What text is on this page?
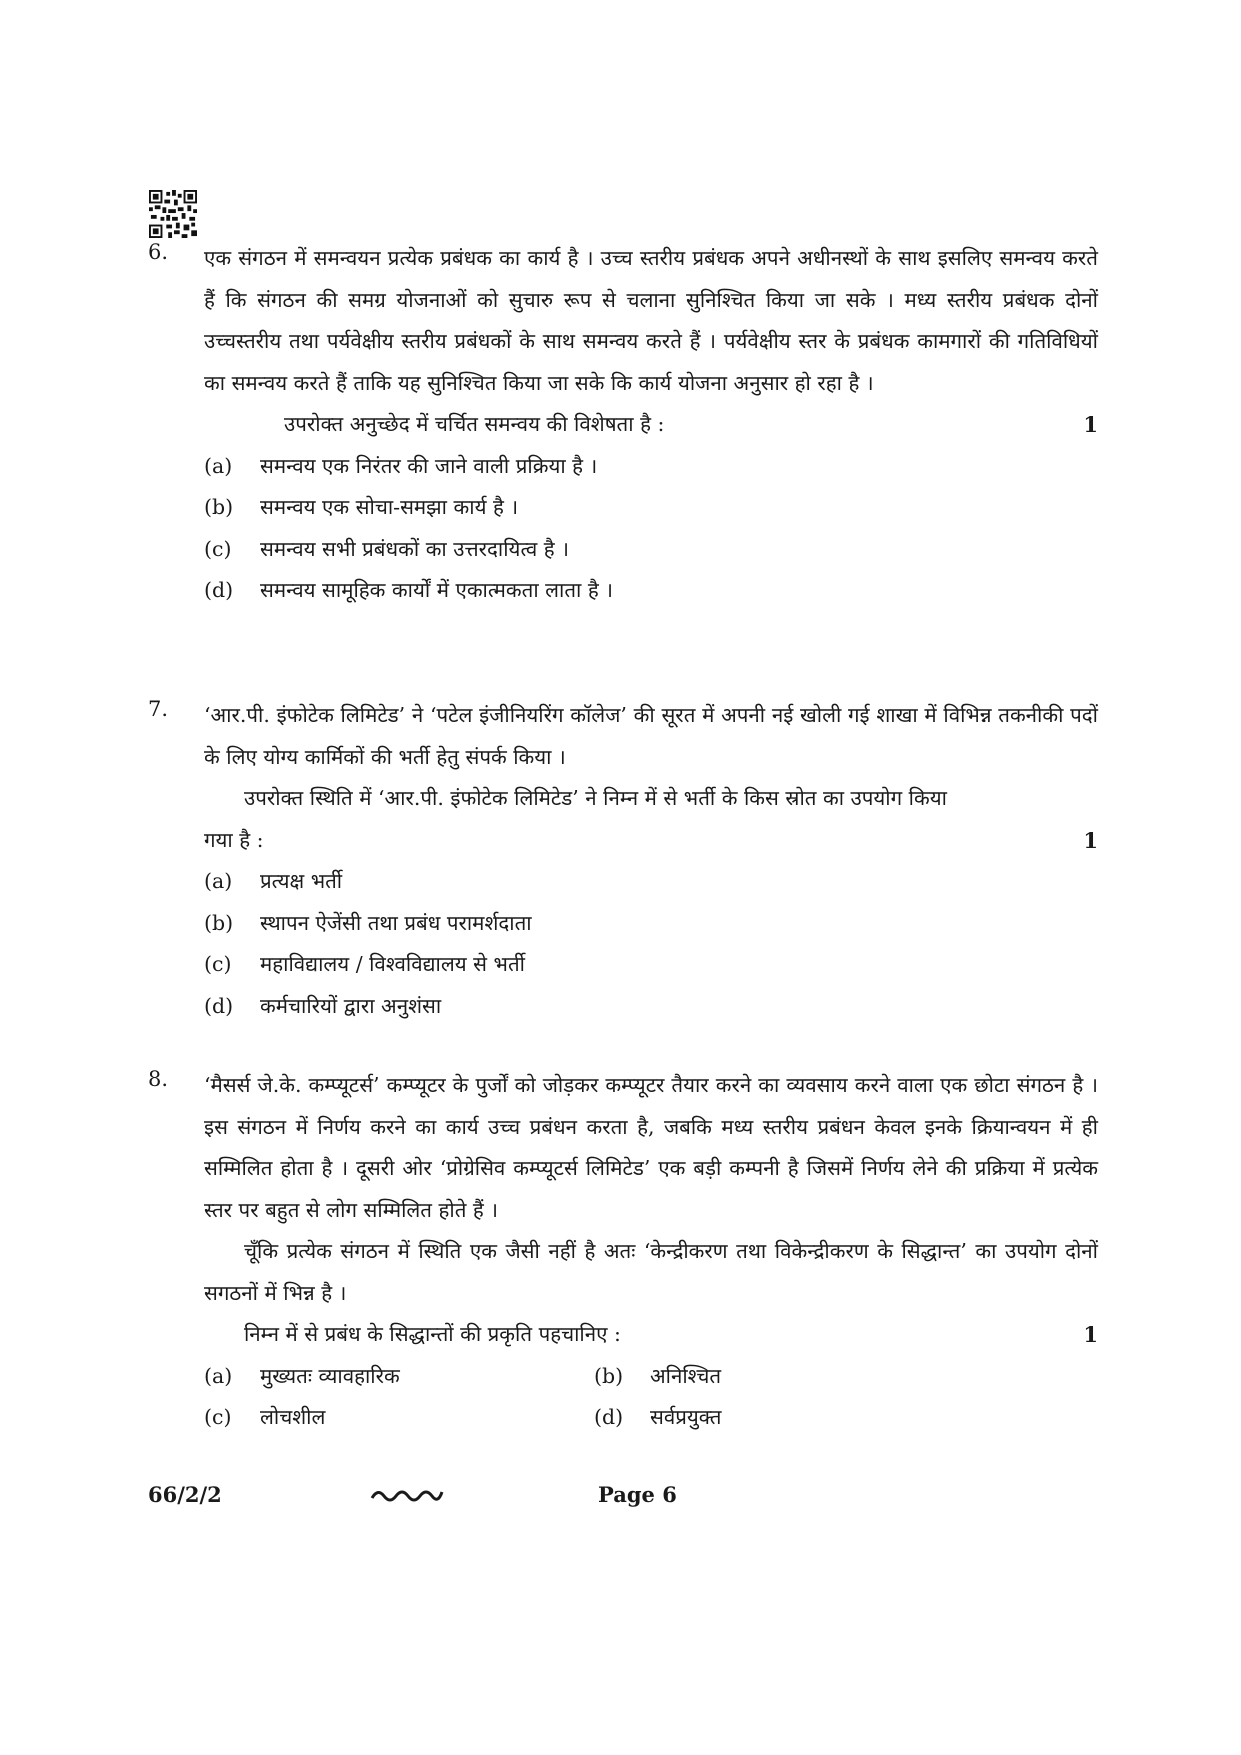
6. एक संगठन में समन्वयन प्रत्येक प्रबंधक का कार्य है । उच्च स्तरीय प्रबंधक अपने अधीनस्थों के साथ इसलिए समन्वय करते हैं कि संगठन की समग्र योजनाओं को सुचारु रूप से चलाना सुनिश्चित किया जा सके । मध्य स्तरीय प्रबंधक दोनों उच्चस्तरीय तथा पर्यवेक्षीय स्तरीय प्रबंधकों के साथ समन्वय करते हैं । पर्यवेक्षीय स्तर के प्रबंधक कामगारों की गतिविधियों का समन्वय करते हैं ताकि यह सुनिश्चित किया जा सके कि कार्य योजना अनुसार हो रहा है ।

उपरोक्त अनुच्छेद में चर्चित समन्वय की विशेषता है :	1
(a)	समन्वय एक निरंतर की जाने वाली प्रक्रिया है ।
(b)	समन्वय एक सोचा-समझा कार्य है ।
(c)	समन्वय सभी प्रबंधकों का उत्तरदायित्व है ।
(d)	समन्वय सामूहिक कार्यों में एकात्मकता लाता है ।
7. ‘आर.पी. इंफोटेक लिमिटेड’ ने ‘पटेल इंजीनियरिंग कॉलेज’ की सूरत में अपनी नई खोली गई शाखा में विभिन्न तकनीकी पदों के लिए योग्य कार्मिकों की भर्ती हेतु संपर्क किया ।

उपरोक्त स्थिति में ‘आर.पी. इंफोटेक लिमिटेड’ ने निम्न में से भर्ती के किस स्रोत का उपयोग किया

गया है :	1
(a)	प्रत्यक्ष भर्ती
(b)	स्थापन ऐजेंसी तथा प्रबंध परामर्शदाता
(c)	महाविद्यालय / विश्वविद्यालय से भर्ती
(d)	कर्मचारियों द्वारा अनुशंसा
8. ‘मैसर्स जे.के. कम्प्यूटर्स’ कम्प्यूटर के पुर्जों को जोड़कर कम्प्यूटर तैयार करने का व्यवसाय करने वाला एक छोटा संगठन है । इस संगठन में निर्णय करने का कार्य उच्च प्रबंधन करता है, जबकि मध्य स्तरीय प्रबंधन केवल इनके क्रियान्वयन में ही सम्मिलित होता है । दूसरी ओर ‘प्रोग्रेसिव कम्प्यूटर्स लिमिटेड’ एक बड़ी कम्पनी है जिसमें निर्णय लेने की प्रक्रिया में प्रत्येक स्तर पर बहुत से लोग सम्मिलित होते हैं ।

चूँकि प्रत्येक संगठन में स्थिति एक जैसी नहीं है अतः ‘केन्द्रीकरण तथा विकेन्द्रीकरण के सिद्धान्त’ का उपयोग दोनों सगठनों में भिन्न है ।

निम्न में से प्रबंध के सिद्धान्तों की प्रकृति पहचानिए :	1
(a)	मुख्यतः व्यावहारिक	(b)	अनिश्चित
(c)	लोचशील	(d)	सर्वप्रयुक्त
66/2/2	Page 6
